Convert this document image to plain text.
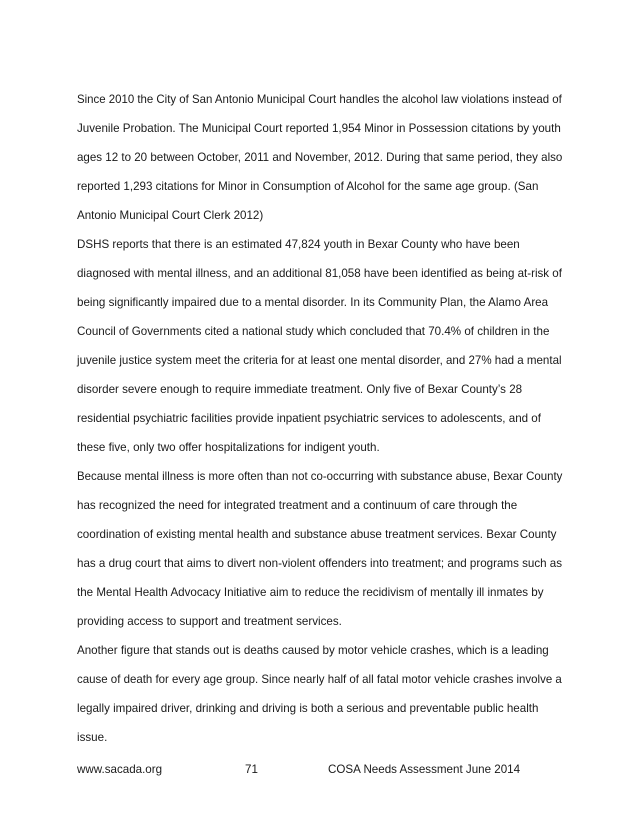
Since 2010 the City of San Antonio Municipal Court handles the alcohol law violations instead of
Juvenile Probation. The Municipal Court reported 1,954 Minor in Possession citations by youth
ages 12 to 20 between October, 2011 and November, 2012. During that same period, they also
reported 1,293 citations for Minor in Consumption of Alcohol for the same age group. (San
Antonio Municipal Court Clerk 2012)
DSHS reports that there is an estimated 47,824 youth in Bexar County who have been
diagnosed with mental illness, and an additional 81,058 have been identified as being at-risk of
being significantly impaired due to a mental disorder. In its Community Plan, the Alamo Area
Council of Governments cited a national study which concluded that 70.4% of children in the
juvenile justice system meet the criteria for at least one mental disorder, and 27% had a mental
disorder severe enough to require immediate treatment. Only five of Bexar County’s 28
residential psychiatric facilities provide inpatient psychiatric services to adolescents, and of
these five, only two offer hospitalizations for indigent youth.
Because mental illness is more often than not co-occurring with substance abuse, Bexar County
has recognized the need for integrated treatment and a continuum of care through the
coordination of existing mental health and substance abuse treatment services. Bexar County
has a drug court that aims to divert non-violent offenders into treatment; and programs such as
the Mental Health Advocacy Initiative aim to reduce the recidivism of mentally ill inmates by
providing access to support and treatment services.
Another figure that stands out is deaths caused by motor vehicle crashes, which is a leading
cause of death for every age group. Since nearly half of all fatal motor vehicle crashes involve a
legally impaired driver, drinking and driving is both a serious and preventable public health
issue.
www.sacada.org	71	COSA Needs Assessment June 2014
